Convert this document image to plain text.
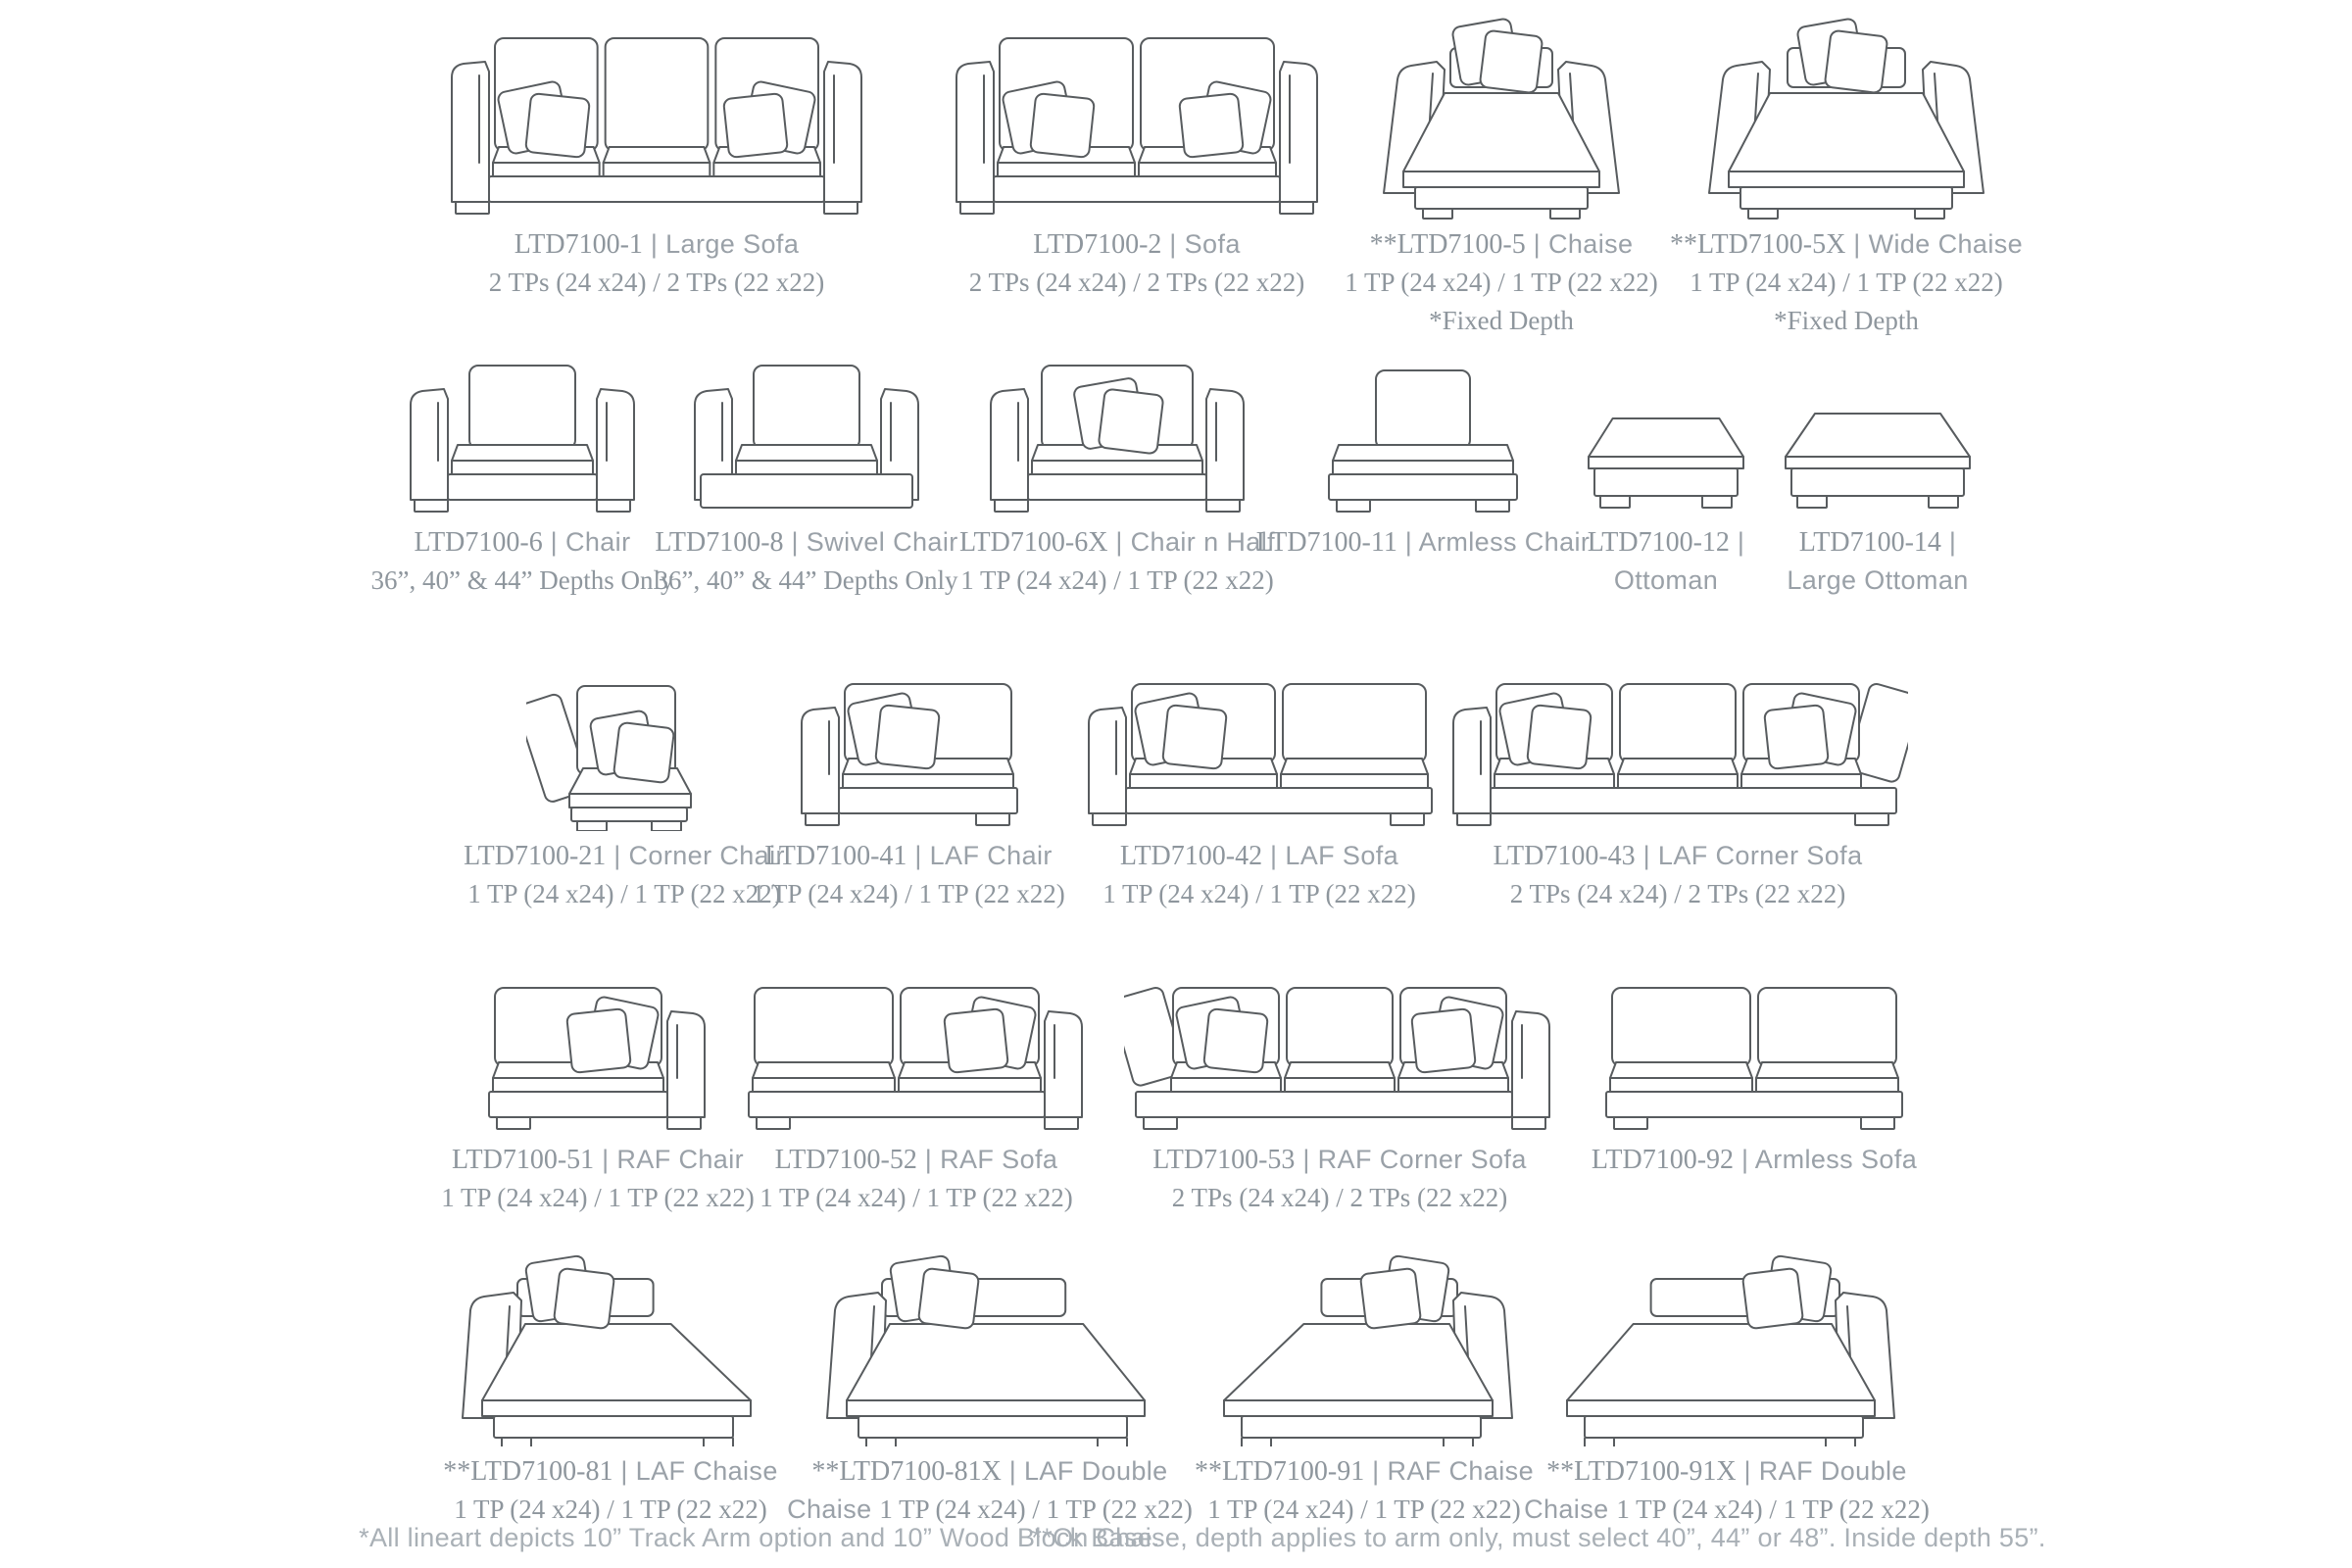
LTD7100-1 | Large Sofa
2 TPs (24 x24) / 2 TPs (22 x22)
LTD7100-2 | Sofa
2 TPs (24 x24) / 2 TPs (22 x22)
**LTD7100-5 | Chaise
1 TP (24 x24) / 1 TP (22 x22)
*Fixed Depth
**LTD7100-5X | Wide Chaise
1 TP (24 x24) / 1 TP (22 x22)
*Fixed Depth
LTD7100-6 | Chair
36”, 40” & 44” Depths Only
LTD7100-8 | Swivel Chair
36”, 40” & 44” Depths Only
LTD7100-6X | Chair n Half
1 TP (24 x24) / 1 TP (22 x22)
LTD7100-11 | Armless Chair
LTD7100-12 |
Ottoman
LTD7100-14 |
Large Ottoman
LTD7100-21 | Corner Chair
1 TP (24 x24) / 1 TP (22 x22)
LTD7100-41 | LAF Chair
1 TP (24 x24) / 1 TP (22 x22)
LTD7100-42 | LAF Sofa
1 TP (24 x24) / 1 TP (22 x22)
LTD7100-43 | LAF Corner Sofa
2 TPs (24 x24) / 2 TPs (22 x22)
LTD7100-51 | RAF Chair
1 TP (24 x24) / 1 TP (22 x22)
LTD7100-52 | RAF Sofa
1 TP (24 x24) / 1 TP (22 x22)
LTD7100-53 | RAF Corner Sofa
2 TPs (24 x24) / 2 TPs (22 x22)
LTD7100-92 | Armless Sofa
**LTD7100-81 | LAF Chaise
1 TP (24 x24) / 1 TP (22 x22)
**LTD7100-81X | LAF Double
Chaise 1 TP (24 x24) / 1 TP (22 x22)
**LTD7100-91 | RAF Chaise
1 TP (24 x24) / 1 TP (22 x22)
**LTD7100-91X | RAF Double
Chaise 1 TP (24 x24) / 1 TP (22 x22)
*All lineart depicts 10” Track Arm option and 10” Wood Block Base.
**On Chaise, depth applies to arm only, must select 40”, 44” or 48”. Inside depth 55”.
